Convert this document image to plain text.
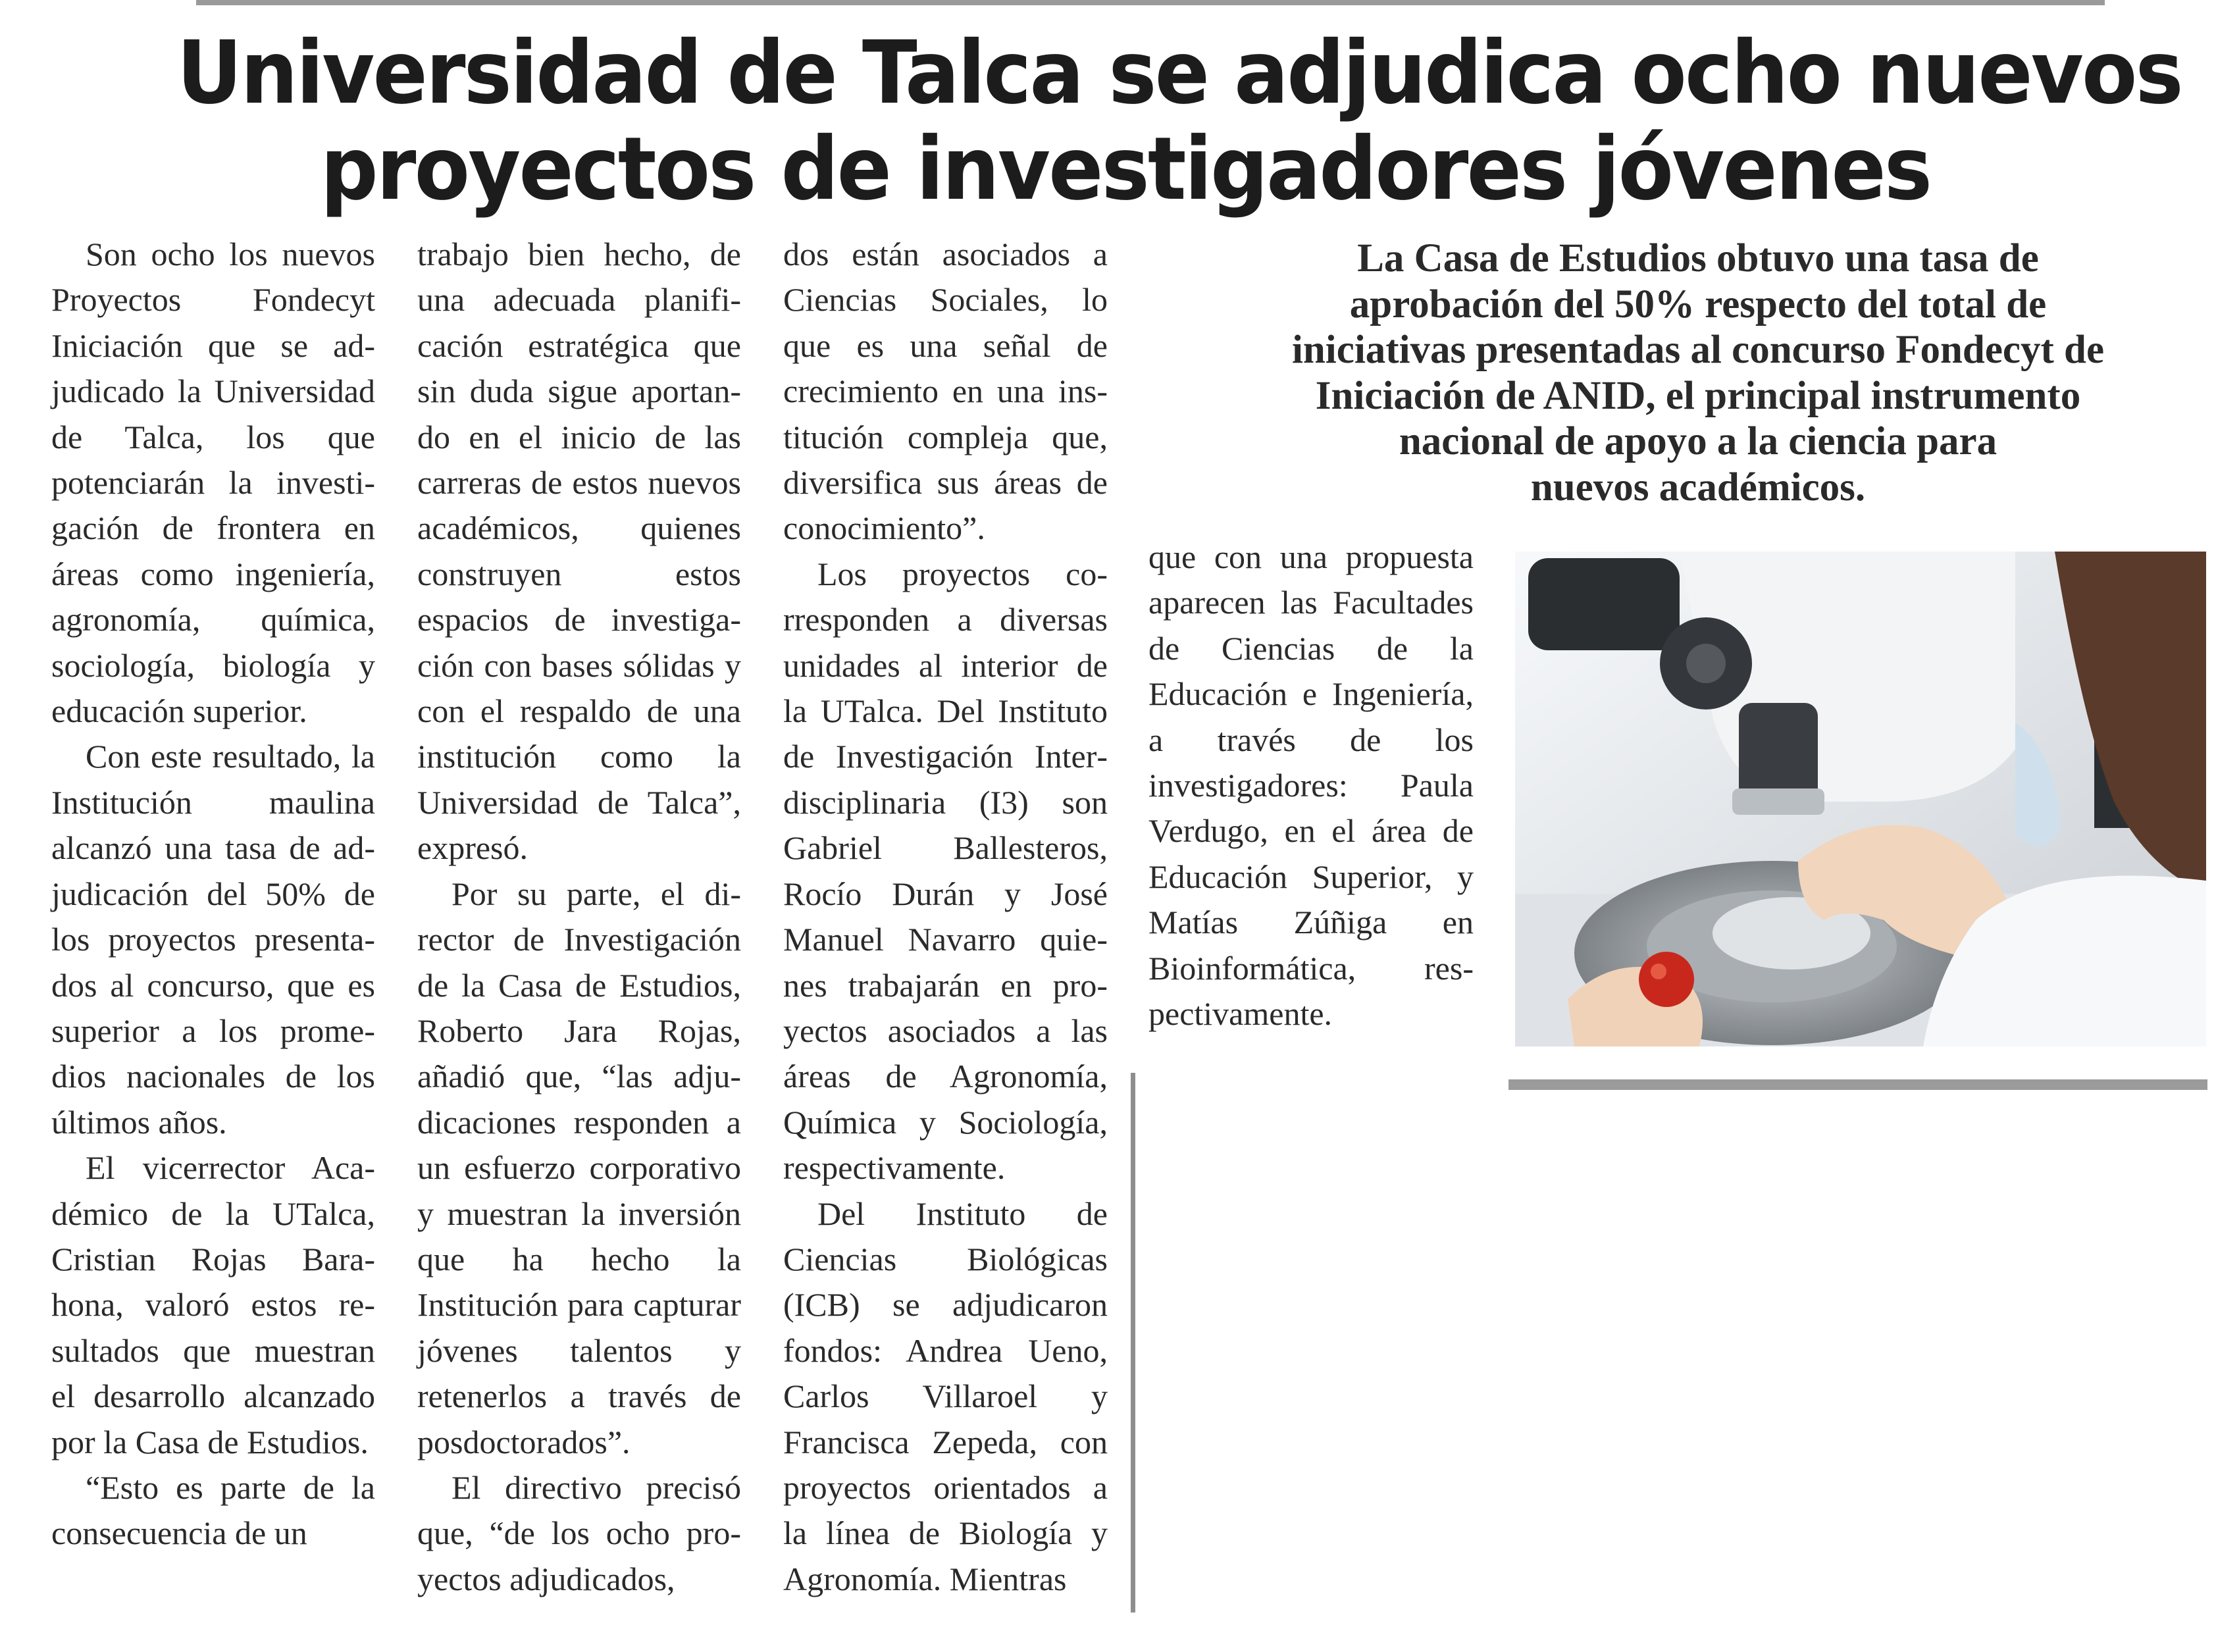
Universidad de Talca se adjudica ocho nuevos
proyectos de investigadores jóvenes

Son ocho los nuevos Proyectos Fondecyt Iniciación que se adjudicado la Universidad de Talca, los que potenciarán la investigación de frontera en áreas como ingeniería, agronomía, química, sociología, biología y educación superior.

Con este resultado, la Institución maulina alcanzó una tasa de adjudicación del 50% de los proyectos presentados al concurso, que es superior a los promedios nacionales de los últimos años.

El vicerrector Académico de la UTalca, Cristian Rojas Barahona, valoró estos resultados que muestran el desarrollo alcanzado por la Casa de Estudios.

“Esto es parte de la consecuencia de un

trabajo bien hecho, de una adecuada planificación estratégica que sin duda sigue aportando en el inicio de las carreras de estos nuevos académicos, quienes construyen estos espacios de investigación con bases sólidas y con el respaldo de una institución como la Universidad de Talca”, expresó.

Por su parte, el director de Investigación de la Casa de Estudios, Roberto Jara Rojas, añadió que, “las adjudicaciones responden a un esfuerzo corporativo y muestran la inversión que ha hecho la Institución para capturar jóvenes talentos y retenerlos a través de posdoctorados”.

El directivo precisó que, “de los ocho proyectos adjudicados,

dos están asociados a Ciencias Sociales, lo que es una señal de crecimiento en una institución compleja que, diversifica sus áreas de conocimiento”.

Los proyectos corresponden a diversas unidades al interior de la UTalca. Del Instituto de Investigación Interdisciplinaria (I3) son Gabriel Ballesteros, Rocío Durán y José Manuel Navarro quienes trabajarán en proyectos asociados a las áreas de Agronomía, Química y Sociología, respectivamente.

Del Instituto de Ciencias Biológicas (ICB) se adjudicaron fondos: Andrea Ueno, Carlos Villaroel y Francisca Zepeda, con proyectos orientados a la línea de Biología y Agronomía. Mientras

que con una propuesta aparecen las Facultades de Ciencias de la Educación e Ingeniería, a través de los investigadores: Paula Verdugo, en el área de Educación Superior, y Matías Zúñiga en Bioinformática, respectivamente.

La Casa de Estudios obtuvo una tasa de
aprobación del 50% respecto del total de
iniciativas presentadas al concurso Fondecyt de
Iniciación de ANID, el principal instrumento
nacional de apoyo a la ciencia para
nuevos académicos.
